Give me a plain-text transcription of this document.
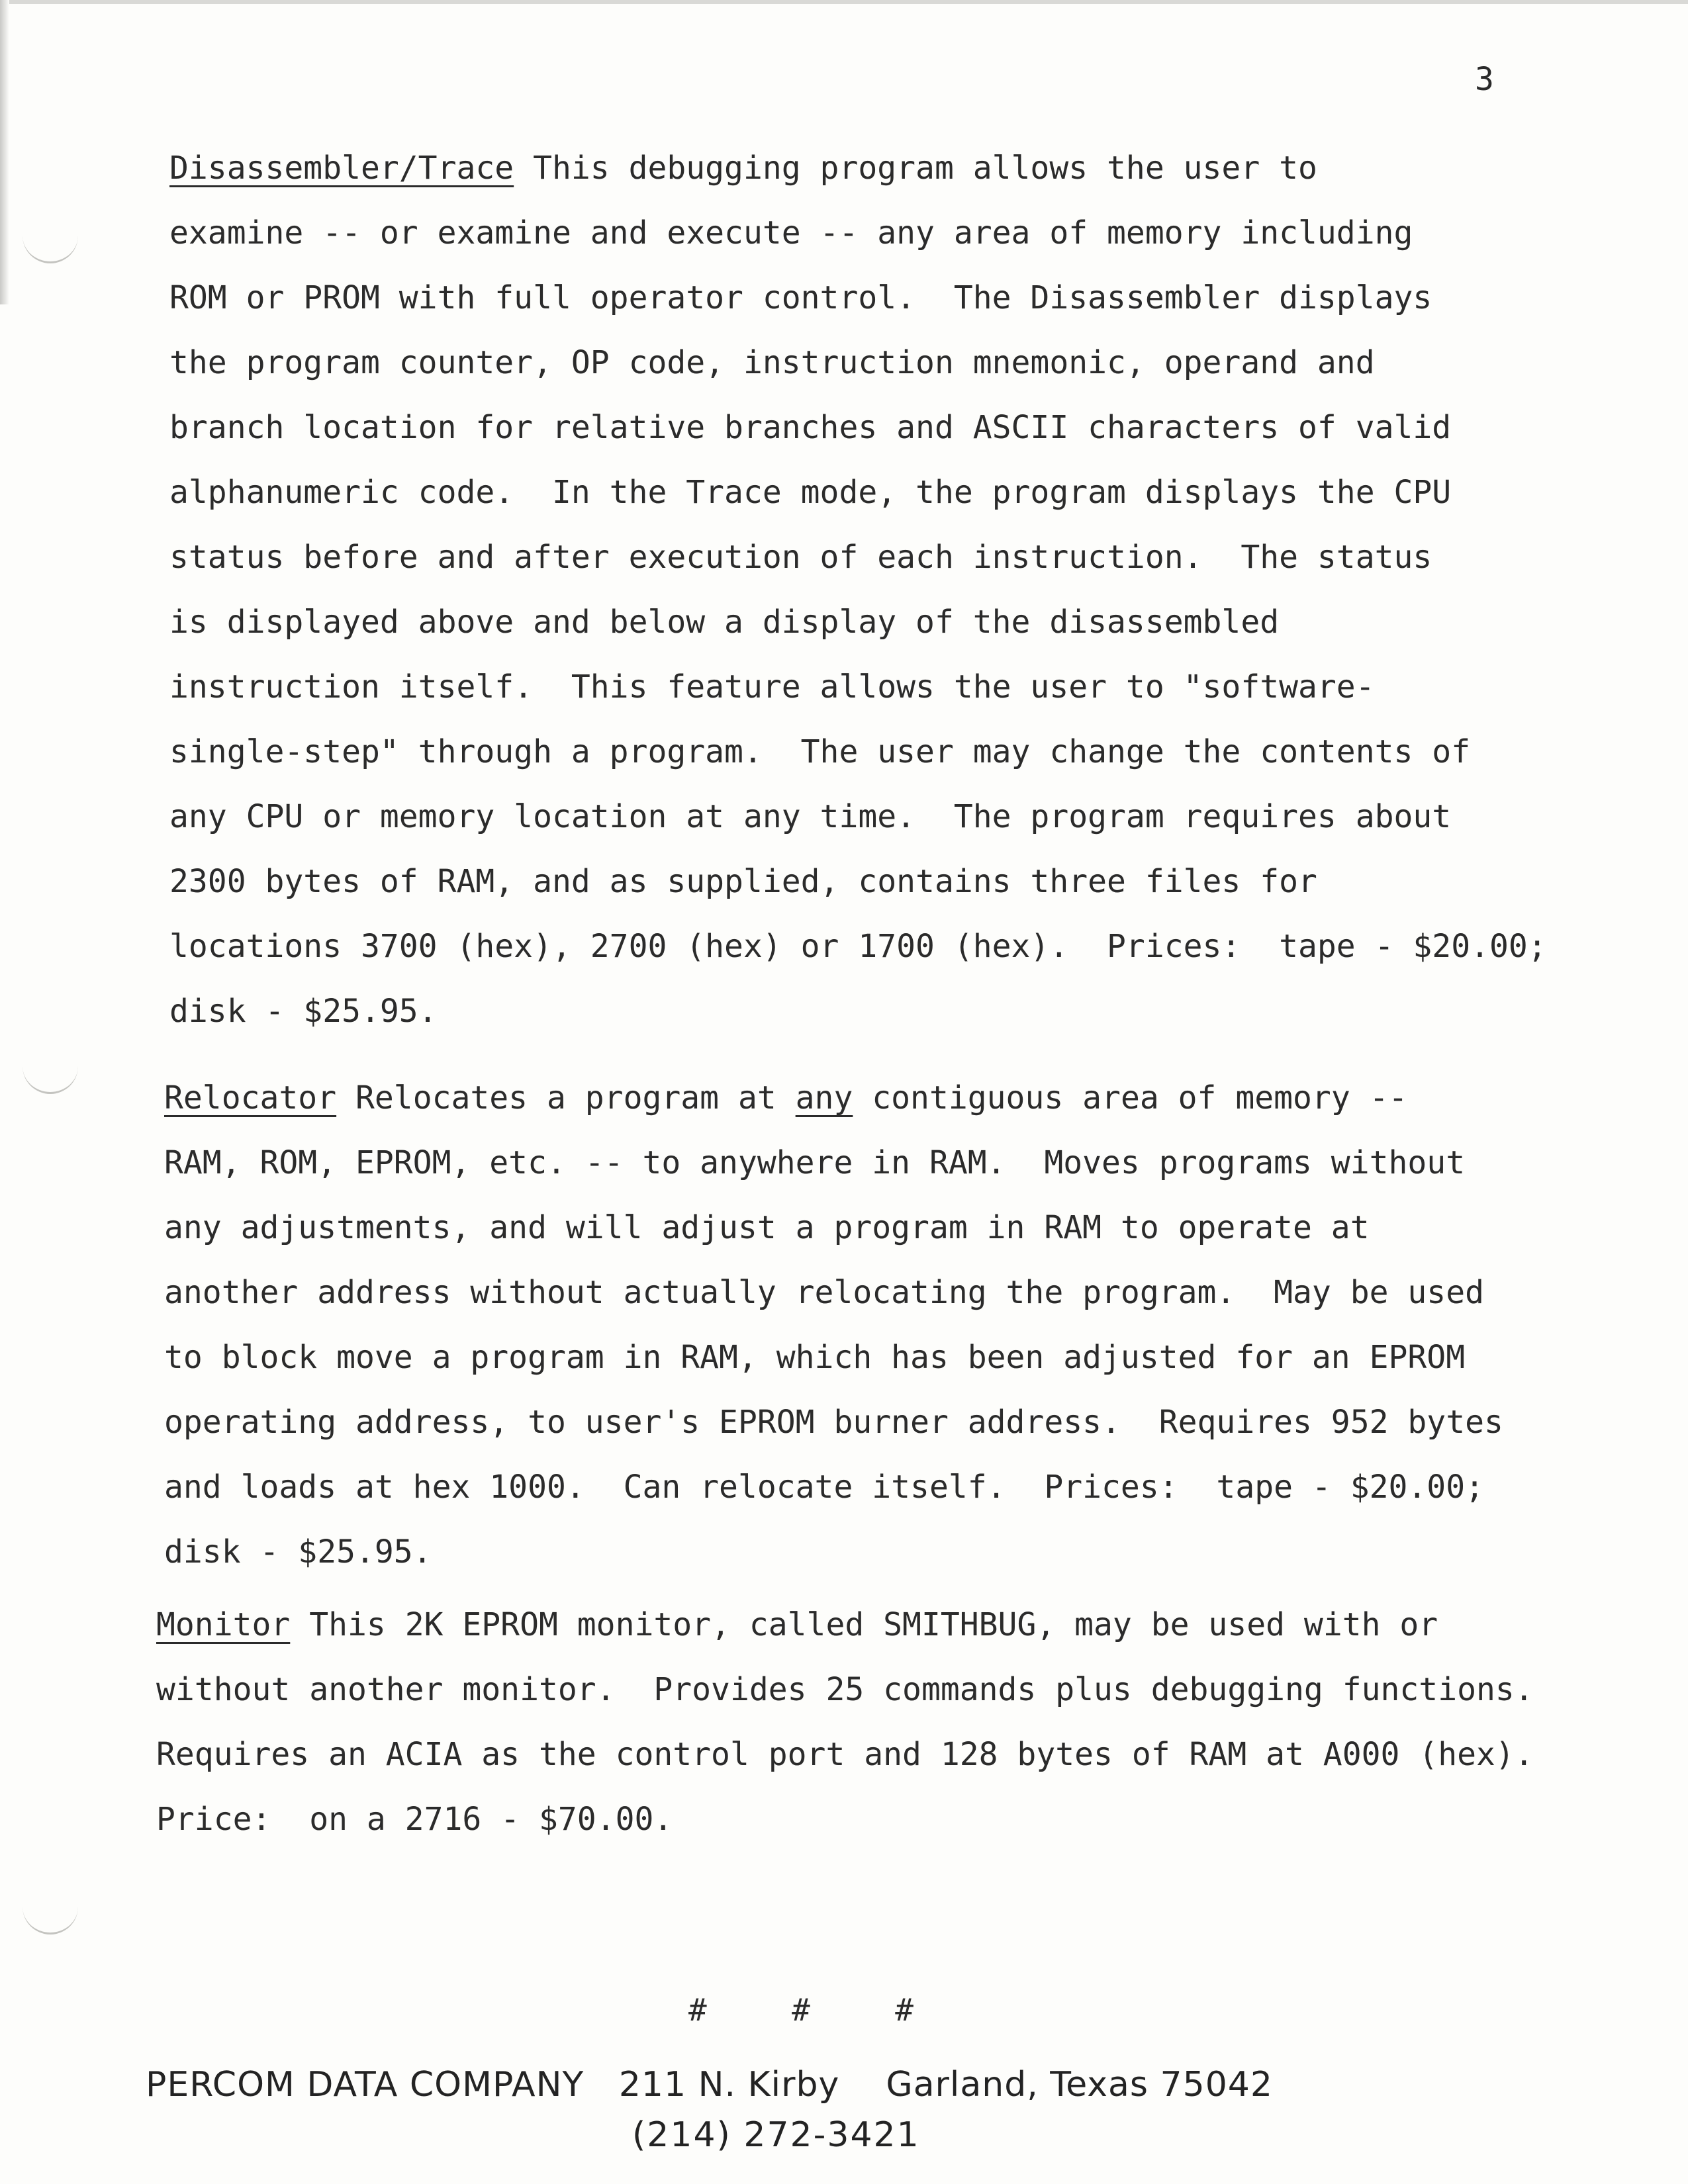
3
Disassembler/Trace This debugging program allows the user to
examine -- or examine and execute -- any area of memory including
ROM or PROM with full operator control.  The Disassembler displays
the program counter, OP code, instruction mnemonic, operand and
branch location for relative branches and ASCII characters of valid
alphanumeric code.  In the Trace mode, the program displays the CPU
status before and after execution of each instruction.  The status
is displayed above and below a display of the disassembled
instruction itself.  This feature allows the user to "software-
single-step" through a program.  The user may change the contents of
any CPU or memory location at any time.  The program requires about
2300 bytes of RAM, and as supplied, contains three files for
locations 3700 (hex), 2700 (hex) or 1700 (hex).  Prices:  tape - $20.00;
disk - $25.95.
Relocator Relocates a program at any contiguous area of memory --
RAM, ROM, EPROM, etc. -- to anywhere in RAM.  Moves programs without
any adjustments, and will adjust a program in RAM to operate at
another address without actually relocating the program.  May be used
to block move a program in RAM, which has been adjusted for an EPROM
operating address, to user's EPROM burner address.  Requires 952 bytes
and loads at hex 1000.  Can relocate itself.  Prices:  tape - $20.00;
disk - $25.95.
Monitor This 2K EPROM monitor, called SMITHBUG, may be used with or
without another monitor.  Provides 25 commands plus debugging functions.
Requires an ACIA as the control port and 128 bytes of RAM at A000 (hex).
Price:  on a 2716 - $70.00.
#	#	#
PERCOM DATA COMPANY   211 N. Kirby    Garland, Texas 75042
(214) 272-3421
